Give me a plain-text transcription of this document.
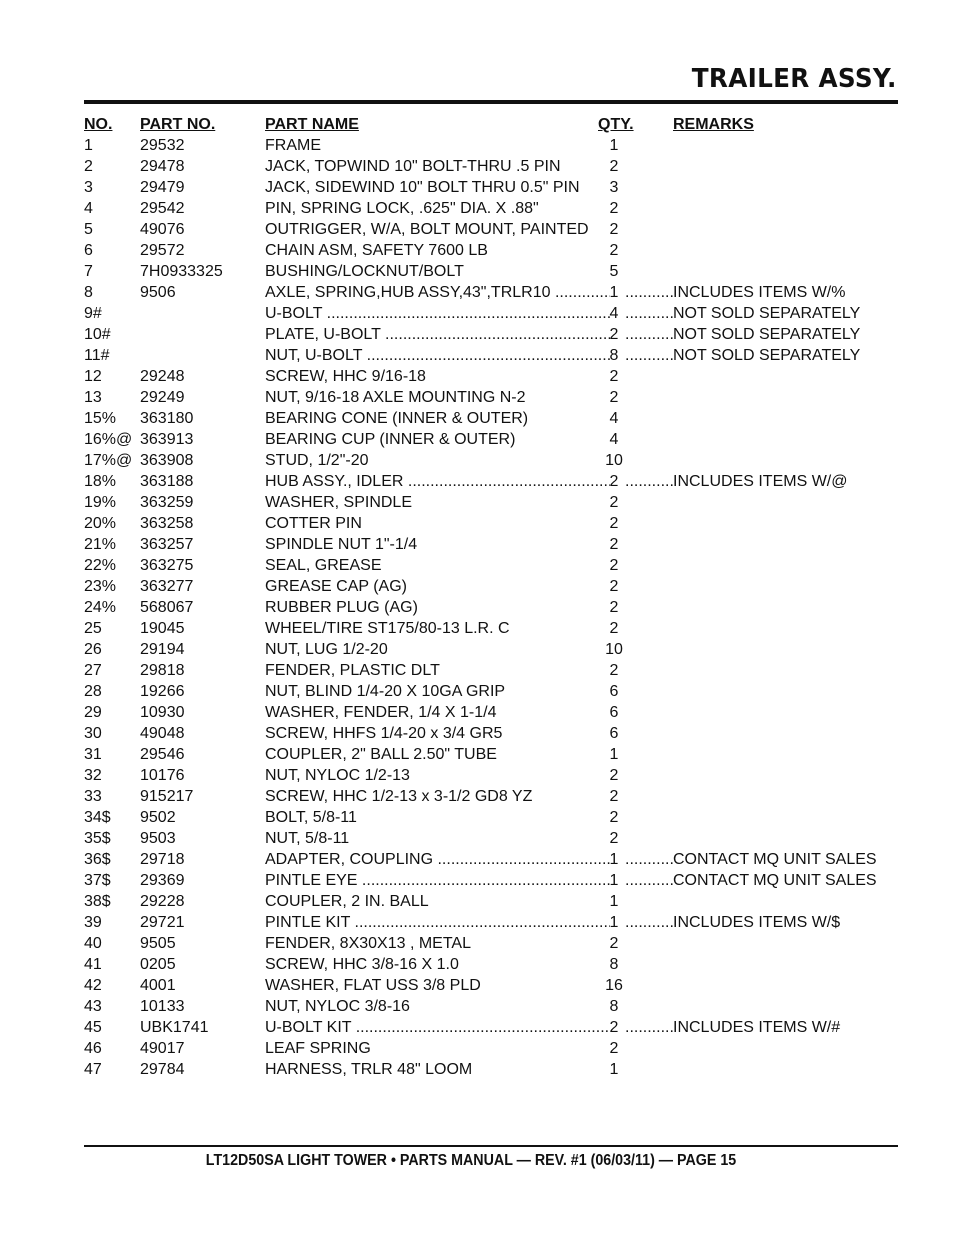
TRAILER ASSY.
NO. PART NO.	PART NAME	QTY. REMARKS
1	29532	FRAME	1
2	29478	JACK, TOPWIND 10" BOLT-THRU .5 PIN	2
3	29479	JACK, SIDEWIND 10" BOLT THRU 0.5" PIN	3
4	29542	PIN, SPRING LOCK, .625" DIA. X .88"	2
5	49076	OUTRIGGER, W/A, BOLT MOUNT, PAINTED	2
6	29572	CHAIN ASM, SAFETY 7600 LB	2
7	7H0933325	BUSHING/LOCKNUT/BOLT	5
8	9506	AXLE, SPRING,HUB ASSY,43",TRLR10 .....	1	INCLUDES ITEMS W/%
.....
9#	U-BOLT .....	4	NOT SOLD SEPARATELY
.....
10#	PLATE, U-BOLT .....	2	NOT SOLD SEPARATELY
.....
11#	NUT, U-BOLT .....	8	NOT SOLD SEPARATELY
.....
12 29248	SCREW, HHC 9/16-18	2
13 29249	NUT, 9/16-18 AXLE MOUNTING N-2	2
15% 363180	BEARING CONE (INNER & OUTER)	4
16%@ 363913	BEARING CUP (INNER & OUTER)	4
17%@ 363908	STUD, 1/2"-20	10
18% 363188	HUB ASSY., IDLER .....	2	INCLUDES ITEMS W/@
.....
19% 363259	WASHER, SPINDLE	2
20% 363258	COTTER PIN	2
21% 363257	SPINDLE NUT 1"-1/4	2
22% 363275	SEAL, GREASE	2
23% 363277	GREASE CAP (AG)	2
24% 568067	RUBBER PLUG (AG)	2
25 19045	WHEEL/TIRE ST175/80-13 L.R. C	2
26 29194	NUT, LUG 1/2-20	10
27 29818	FENDER, PLASTIC DLT	2
28 19266	NUT, BLIND 1/4-20 X 10GA GRIP	6
29 10930	WASHER, FENDER, 1/4 X 1-1/4	6
30 49048	SCREW, HHFS 1/4-20 x 3/4 GR5	6
31 29546	COUPLER, 2" BALL 2.50" TUBE	1
32 10176	NUT, NYLOC 1/2-13	2
33 915217	SCREW, HHC 1/2-13 x 3-1/2 GD8 YZ	2
34$ 9502	BOLT, 5/8-11	2
35$ 9503	NUT, 5/8-11	2
36$ 29718	ADAPTER, COUPLING .....	1	CONTACT MQ UNIT SALES
.....
37$ 29369	PINTLE EYE .....	1	CONTACT MQ UNIT SALES
.....
38$ 29228	COUPLER, 2 IN. BALL	1
39 29721	PINTLE KIT .....	1	INCLUDES ITEMS W/$
.....
40 9505	FENDER, 8X30X13 , METAL	2
41 0205	SCREW, HHC 3/8-16 X 1.0	8
42 4001	WASHER, FLAT USS 3/8 PLD	16
43 10133	NUT, NYLOC 3/8-16	8
45 UBK1741	U-BOLT KIT .....	2	INCLUDES ITEMS W/#
.....
46 49017	LEAF SPRING	2
47 29784	HARNESS, TRLR 48" LOOM	1
LT12D50SA LIGHT TOWER • PARTS MANUAL — REV. #1 (06/03/11) — PAGE 15
